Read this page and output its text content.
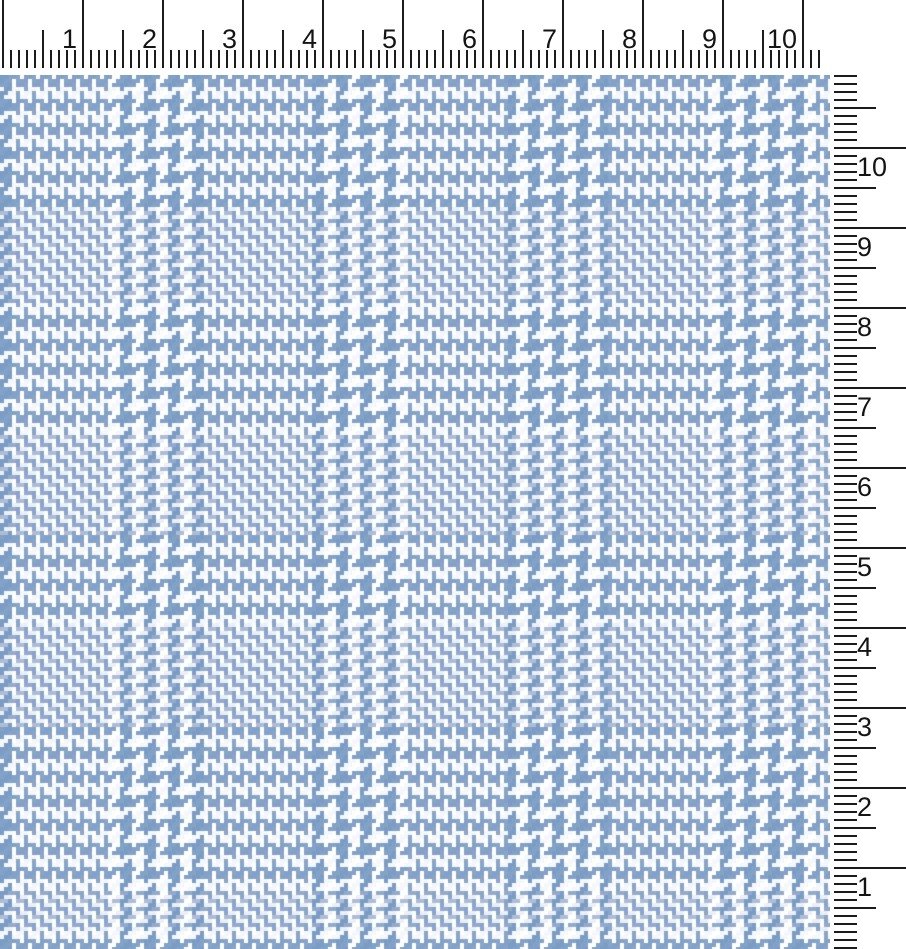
1 2 3 4 5 6 7 8 9 10
10
9
8
7
6
5
4
3
2
1
